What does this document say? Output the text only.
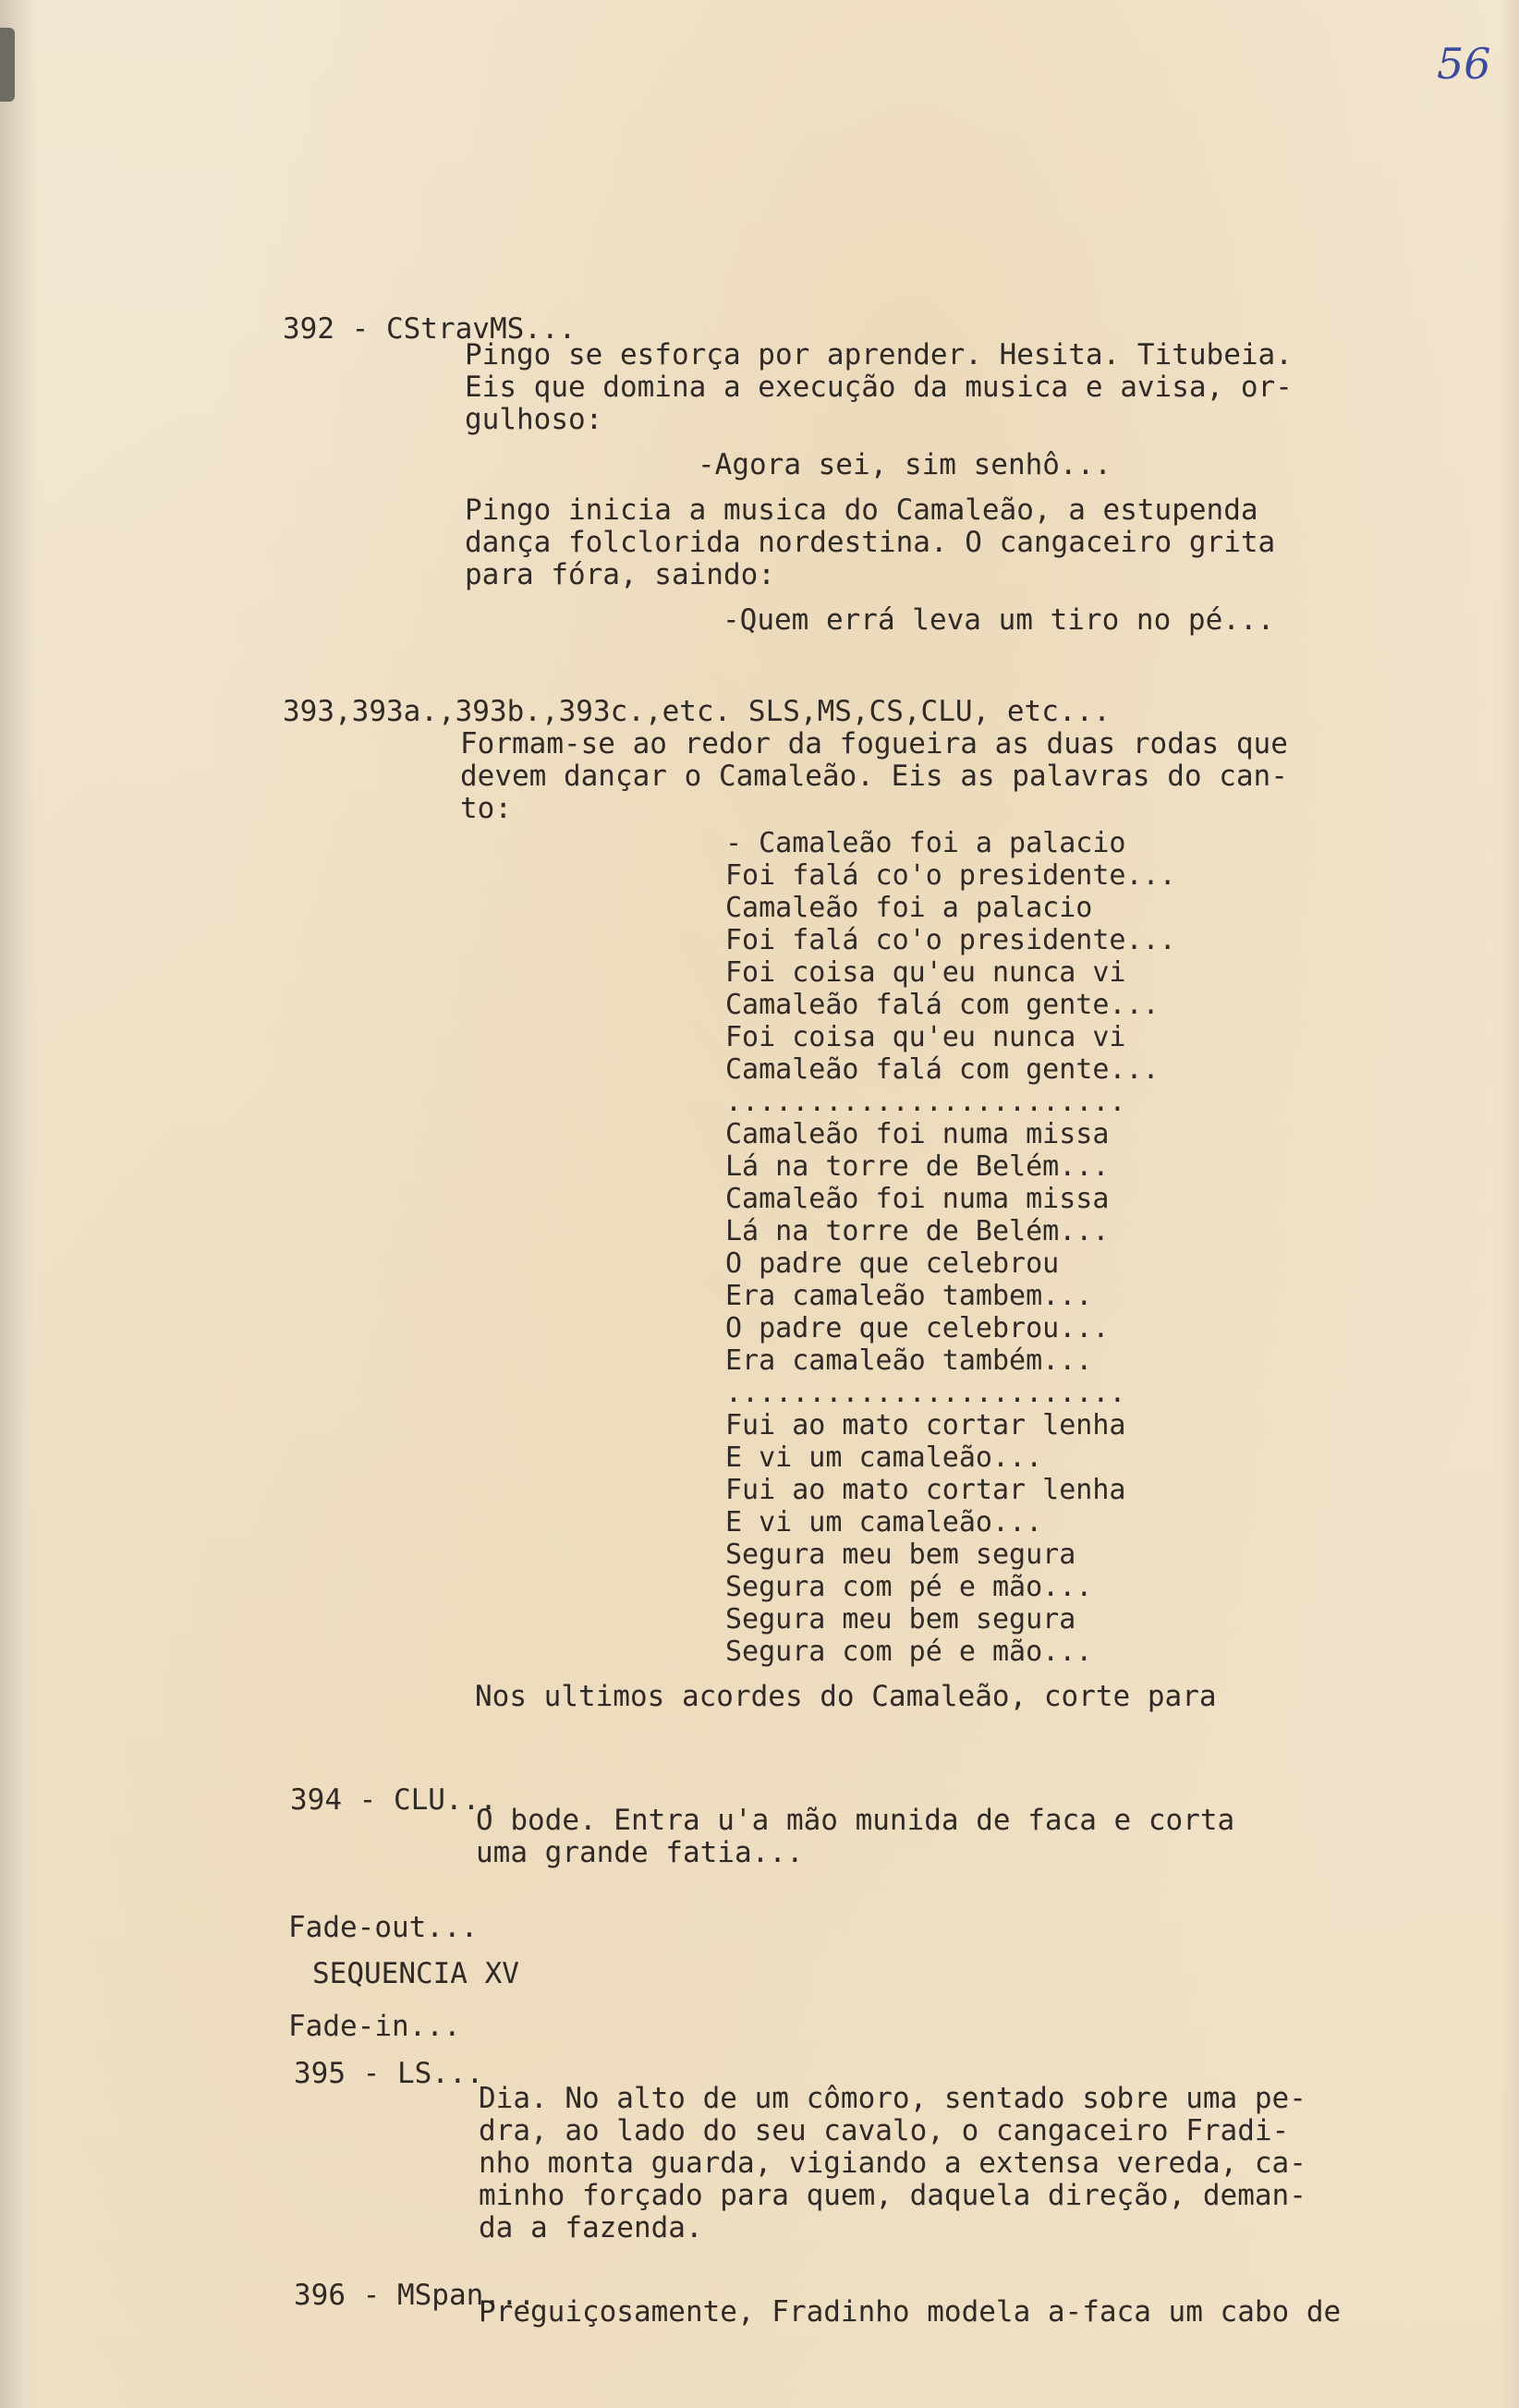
56
392 - CStravMS...
Pingo se esforça por aprender. Hesita. Titubeia.
Eis que domina a execução da musica e avisa, or-
gulhoso:
-Agora sei, sim senhô...
Pingo inicia a musica do Camaleão, a estupenda
dança folclorida nordestina. O cangaceiro grita
para fóra, saindo:
-Quem errá leva um tiro no pé...
393,393a.,393b.,393c.,etc. SLS,MS,CS,CLU, etc...
Formam-se ao redor da fogueira as duas rodas que
devem dançar o Camaleão. Eis as palavras do can-
to:
- Camaleão foi a palacio
Foi falá co'o presidente...
Camaleão foi a palacio
Foi falá co'o presidente...
Foi coisa qu'eu nunca vi
Camaleão falá com gente...
Foi coisa qu'eu nunca vi
Camaleão falá com gente...
........................
Camaleão foi numa missa
Lá na torre de Belém...
Camaleão foi numa missa
Lá na torre de Belém...
O padre que celebrou
Era camaleão tambem...
O padre que celebrou...
Era camaleão também...
........................
Fui ao mato cortar lenha
E vi um camaleão...
Fui ao mato cortar lenha
E vi um camaleão...
Segura meu bem segura
Segura com pé e mão...
Segura meu bem segura
Segura com pé e mão...
Nos ultimos acordes do Camaleão, corte para
394 - CLU...
O bode. Entra u'a mão munida de faca e corta
uma grande fatia...
Fade-out...
SEQUENCIA XV
Fade-in...
395 - LS...
Dia. No alto de um cômoro, sentado sobre uma pe-
dra, ao lado do seu cavalo, o cangaceiro Fradi-
nho monta guarda, vigiando a extensa vereda, ca-
minho forçado para quem, daquela direção, deman-
da a fazenda.
396 - MSpan...
Preguiçosamente, Fradinho modela a-faca um cabo de
